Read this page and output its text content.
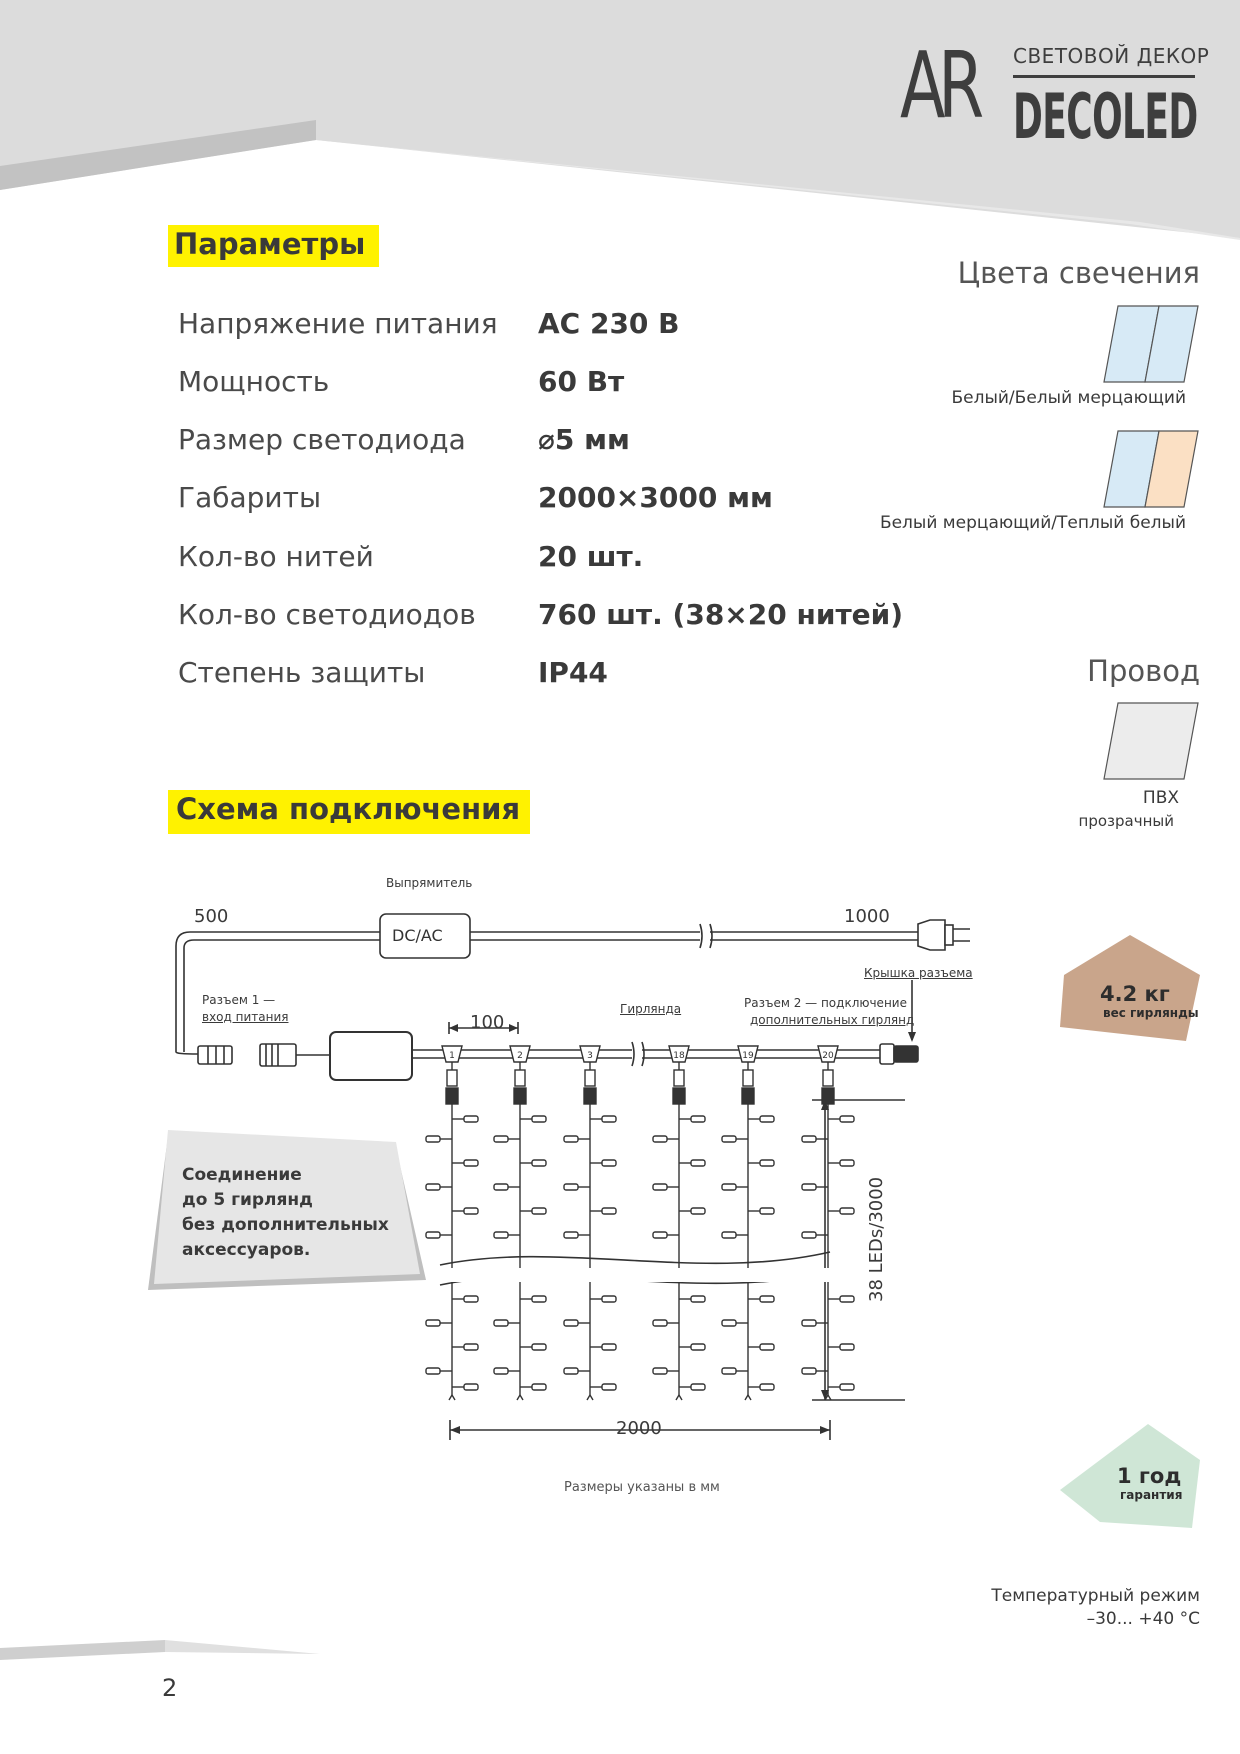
AR СВЕТОВОЙ ДЕКОР
DECOLED
Параметры
Напряжение питания АС 230 В
Мощность	60 Вт
Размер светодиода	⌀5 мм
Габариты	2000×3000 мм
Кол-во нитей	20 шт.
Кол-во светодиодов 760 шт. (38×20 нитей)
Степень защиты	IP44
Цвета свечения
Белый/Белый мерцающий
Белый мерцающий/Теплый белый
Провод
ПВХ
прозрачный
Схема подключения
Соединение
до 5 гирлянд
без дополнительных
аксессуаров.
4.2 кг
вес гирлянды
1 год
гарантия
Температурный режим
–30... +40 °С
2
1	2	3	18	19	20
Выпрямитель
DC/AC
500	1000
Разъем 1 —
вход питания	100
Гирлянда	Разъем 2 — подключение
дополнительных гирлянд
Крышка разъема
2000
38 LEDs/3000
Размеры указаны в мм
